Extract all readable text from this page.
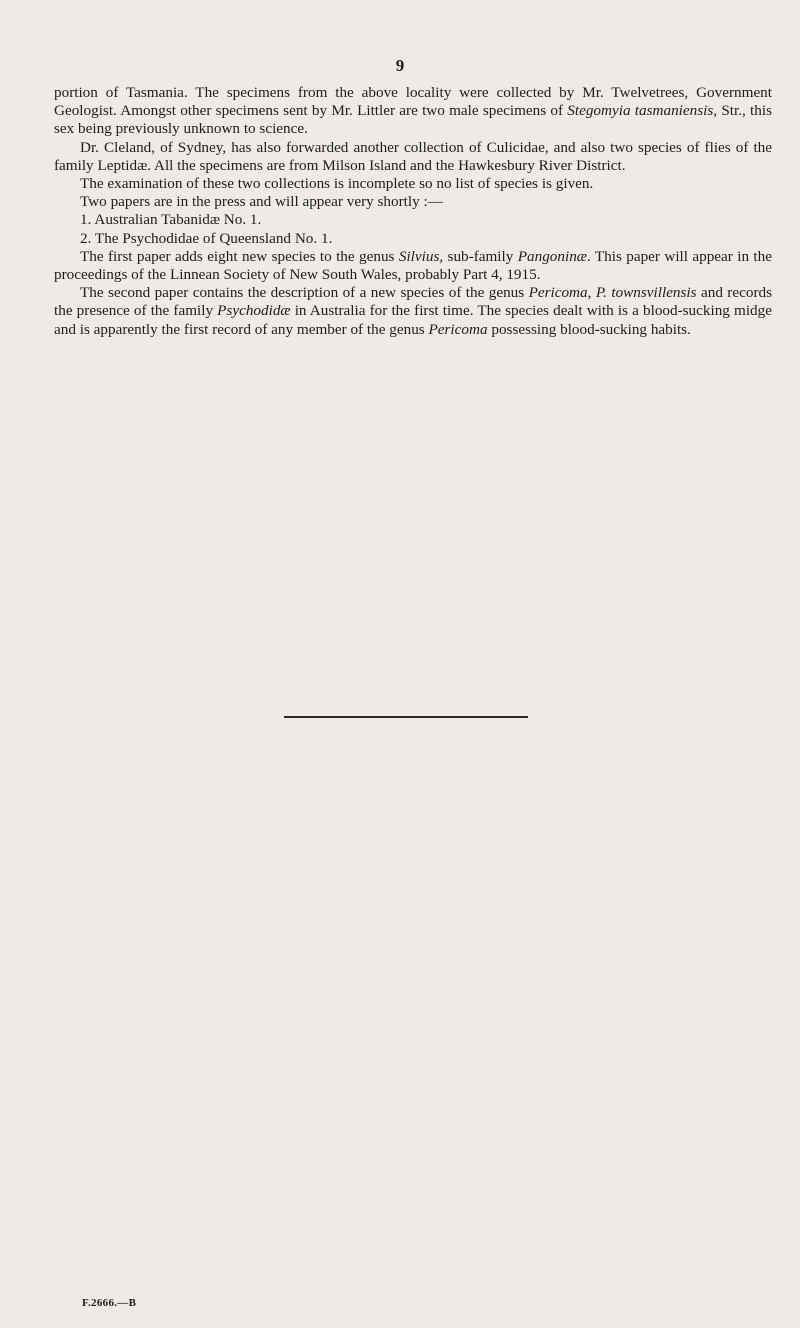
9

portion of Tasmania. The specimens from the above locality were collected by Mr. Twelvetrees, Government Geologist. Amongst other specimens sent by Mr. Littler are two male specimens of Stegomyia tasmaniensis, Str., this sex being previously unknown to science.

Dr. Cleland, of Sydney, has also forwarded another collection of Culicidae, and also two species of flies of the family Leptidæ. All the specimens are from Milson Island and the Hawkesbury River District.

The examination of these two collections is incomplete so no list of species is given.

Two papers are in the press and will appear very shortly :—

1. Australian Tabanidæ No. 1.

2. The Psychodidae of Queensland No. 1.

The first paper adds eight new species to the genus Silvius, sub-family Pangoninæ. This paper will appear in the proceedings of the Linnean Society of New South Wales, probably Part 4, 1915.

The second paper contains the description of a new species of the genus Pericoma, P. townsvillensis and records the presence of the family Psychodidæ in Australia for the first time. The species dealt with is a blood-sucking midge and is apparently the first record of any member of the genus Pericoma possessing blood-sucking habits.

F.2666.—B
